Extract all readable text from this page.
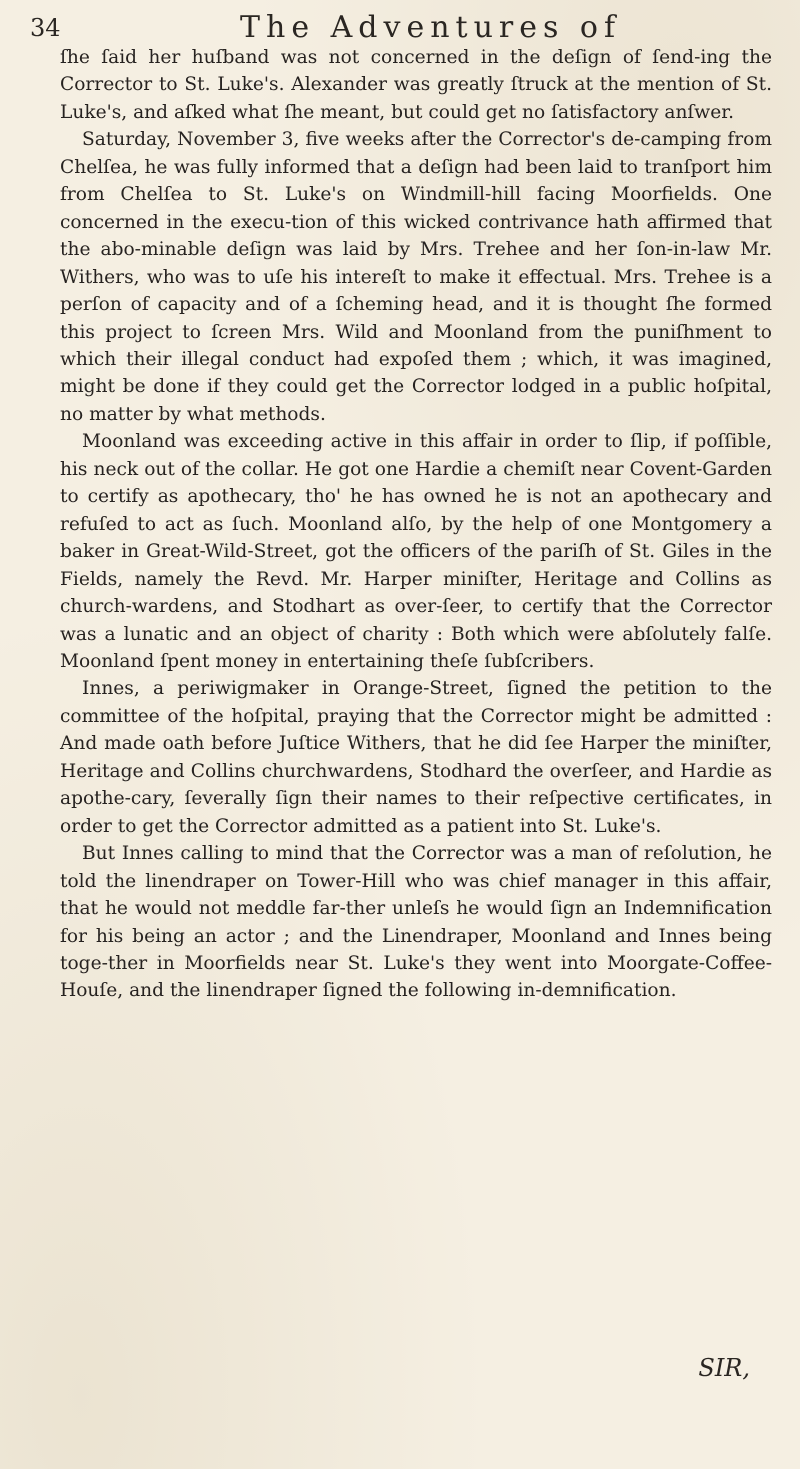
34	The Adventures of

ſhe ſaid her huſband was not concerned in the deſign of ſend-ing the Corrector to St. Luke's. Alexander was greatly ſtruck at the mention of St. Luke's, and aſked what ſhe meant, but could get no ſatisfactory anſwer.

Saturday, November 3, five weeks after the Corrector's de-camping from Chelſea, he was fully informed that a deſign had been laid to tranſport him from Chelſea to St. Luke's on Windmill-hill facing Moorfields. One concerned in the execu-tion of this wicked contrivance hath affirmed that the abo-minable deſign was laid by Mrs. Trehee and her ſon-in-law Mr. Withers, who was to uſe his intereſt to make it effectual. Mrs. Trehee is a perſon of capacity and of a ſcheming head, and it is thought ſhe formed this project to ſcreen Mrs. Wild and Moonland from the puniſhment to which their illegal conduct had expoſed them ; which, it was imagined, might be done if they could get the Corrector lodged in a public hoſpital, no matter by what methods.

Moonland was exceeding active in this affair in order to ſlip, if poſſible, his neck out of the collar. He got one Hardie a chemiſt near Covent-Garden to certify as apothecary, tho' he has owned he is not an apothecary and refuſed to act as ſuch. Moonland alſo, by the help of one Montgomery a baker in Great-Wild-Street, got the officers of the pariſh of St. Giles in the Fields, namely the Revd. Mr. Harper miniſter, Heritage and Collins as church-wardens, and Stodhart as over-ſeer, to certify that the Corrector was a lunatic and an object of charity : Both which were abſolutely falſe. Moonland ſpent money in entertaining theſe ſubſcribers.

Innes, a periwigmaker in Orange-Street, ſigned the petition to the committee of the hoſpital, praying that the Corrector might be admitted : And made oath before Juſtice Withers, that he did ſee Harper the miniſter, Heritage and Collins churchwardens, Stodhard the overſeer, and Hardie as apothe-cary, ſeverally ſign their names to their reſpective certificates, in order to get the Corrector admitted as a patient into St. Luke's.

But Innes calling to mind that the Corrector was a man of reſolution, he told the linendraper on Tower-Hill who was chief manager in this affair, that he would not meddle far-ther unleſs he would ſign an Indemnification for his being an actor ; and the Linendraper, Moonland and Innes being toge-ther in Moorfields near St. Luke's they went into Moorgate-Coffee-Houſe, and the linendraper ſigned the following in-demnification.

SIR,
